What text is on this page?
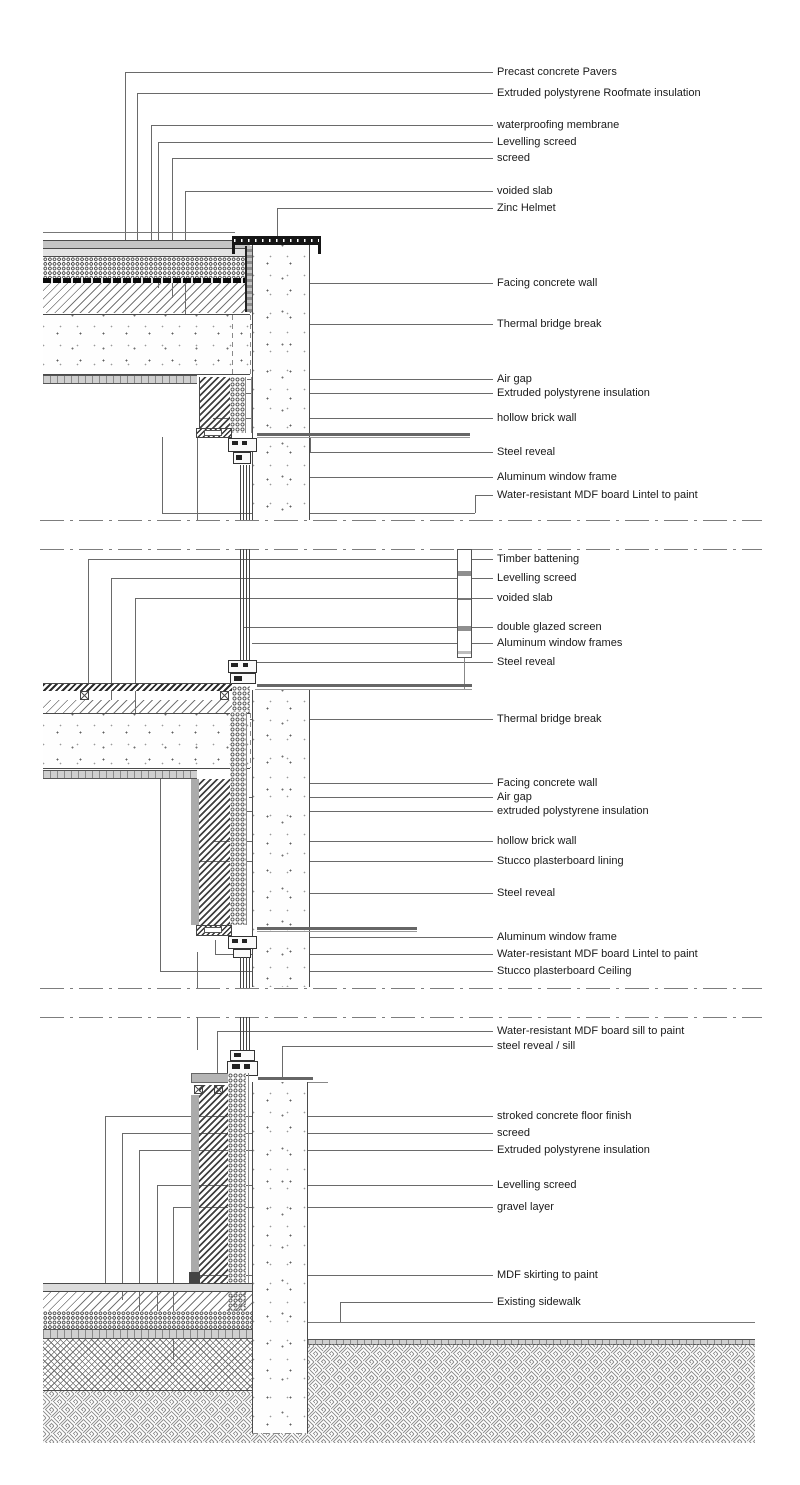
Precast concrete Pavers
Extruded polystyrene Roofmate insulation
waterproofing membrane
Levelling screed
screed
voided slab
Zinc Helmet
Facing concrete wall
Thermal bridge break
Air gap
Extruded polystyrene insulation
hollow brick wall
Steel reveal
Aluminum window frame
Water-resistant MDF board Lintel to paint
Timber battening
Levelling screed
voided slab
double glazed screen
Aluminum window frames
Steel reveal
Thermal bridge break
Facing concrete wall
Air gap
extruded polystyrene insulation
hollow brick wall
Stucco plasterboard lining
Steel reveal
Aluminum window frame
Water-resistant MDF board Lintel to paint
Stucco plasterboard Ceiling
Water-resistant MDF board sill to paint
steel reveal / sill
stroked concrete floor finish
screed
Extruded polystyrene insulation
Levelling screed
gravel layer
MDF skirting to paint
Existing sidewalk
